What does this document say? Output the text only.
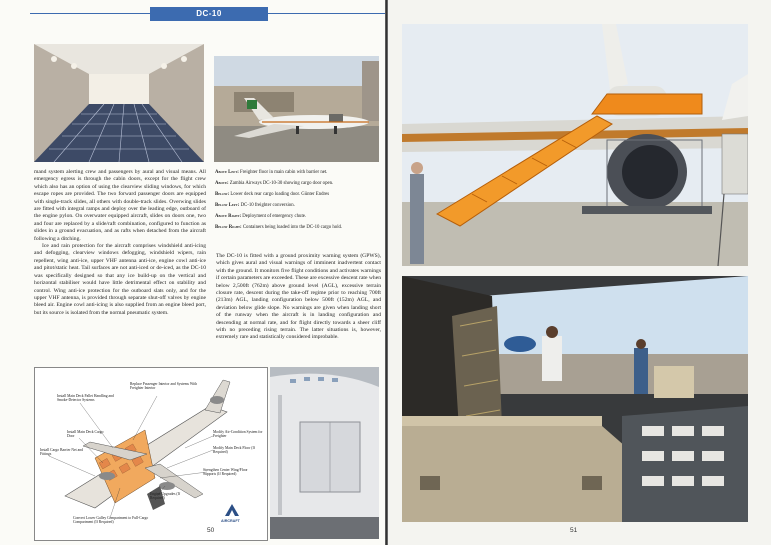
DC-10

mand system alerting crew and passengers by aural and visual means. All emergency egress is through the cabin doors, except for the flight crew which also has an option of using the clearview sliding windows, for which escape ropes are provided. The two forward passenger doors are equipped with single-track slides, all others with double-track slides. Overwing slides are fitted with integral ramps and deploy over the leading edge, outboard of the engine pylon. On overwater equipped aircraft, slides on doors one, two and four are replaced by a slide/raft combination, configured to function as slides in a ground evacuation, and as rafts when detached from the aircraft following a ditching.

Ice and rain protection for the aircraft comprises windshield anti-icing and defogging, clearview windows defogging, windshield wipers, rain repellent, wing anti-ice, upper VHF antenna anti-ice, engine cowl anti-ice and pitot/static heat. Tail surfaces are not anti-iced or de-iced, as the DC-10 was specifically designed so that any ice build-up on the vertical and horizontal stabiliser would have little detrimental effect on stability and control. Wing anti-ice protection for the outboard slats only, and for the upper VHF antenna, is provided through separate shut-off valves by engine bleed air. Engine cowl anti-icing is also supplied from an engine bleed port, but its source is isolated from the normal pneumatic system.

Above Left: Freighter floor in main cabin with barrier net.
Above: Zambia Airways DC-10-30 showing cargo door open.
Below: Lower deck rear cargo loading door. Günter Endres
Below Left: DC-10 freighter conversion.
Above Right: Deployment of emergency chute.
Below Right: Containers being loaded into the DC-10 cargo hold.
Replace Passenger Interior and Systems With Freighter Interior
Install Main Deck Pallet Handling and Smoke-Detector Systems
Install Main Deck Cargo Door
Install Cargo Barrier Net and Fittings
Modify Air-Condition System for Freighter
Modify Main Deck Floor (If Required)
Strengthen Center Wing/Floor Supports (If Required)
Engine Upgrades (If Required)
Convert Lower Galley Compartment to Full-Cargo Compartment (If Required)	AIRCRAFT
50	51

The DC-10 is fitted with a ground proximity warning system (GPWS), which gives aural and visual warnings of imminent inadvertent contact with the ground. It monitors five flight conditions and activates warnings if certain parameters are exceeded. These are excessive descent rate when below 2,500ft (762m) above ground level (AGL), excessive terrain closure rate, descent during the take-off regime prior to reaching 700ft (213m) AGL, landing configuration below 500ft (152m) AGL, and deviation below glide slope. No warnings are given when landing short of the runway when the aircraft is in landing configuration and descending at normal rate, and for flight directly towards a sheer cliff with no preceding rising terrain. The latter situations is, however, extremely rare and statistically considered improbable.
